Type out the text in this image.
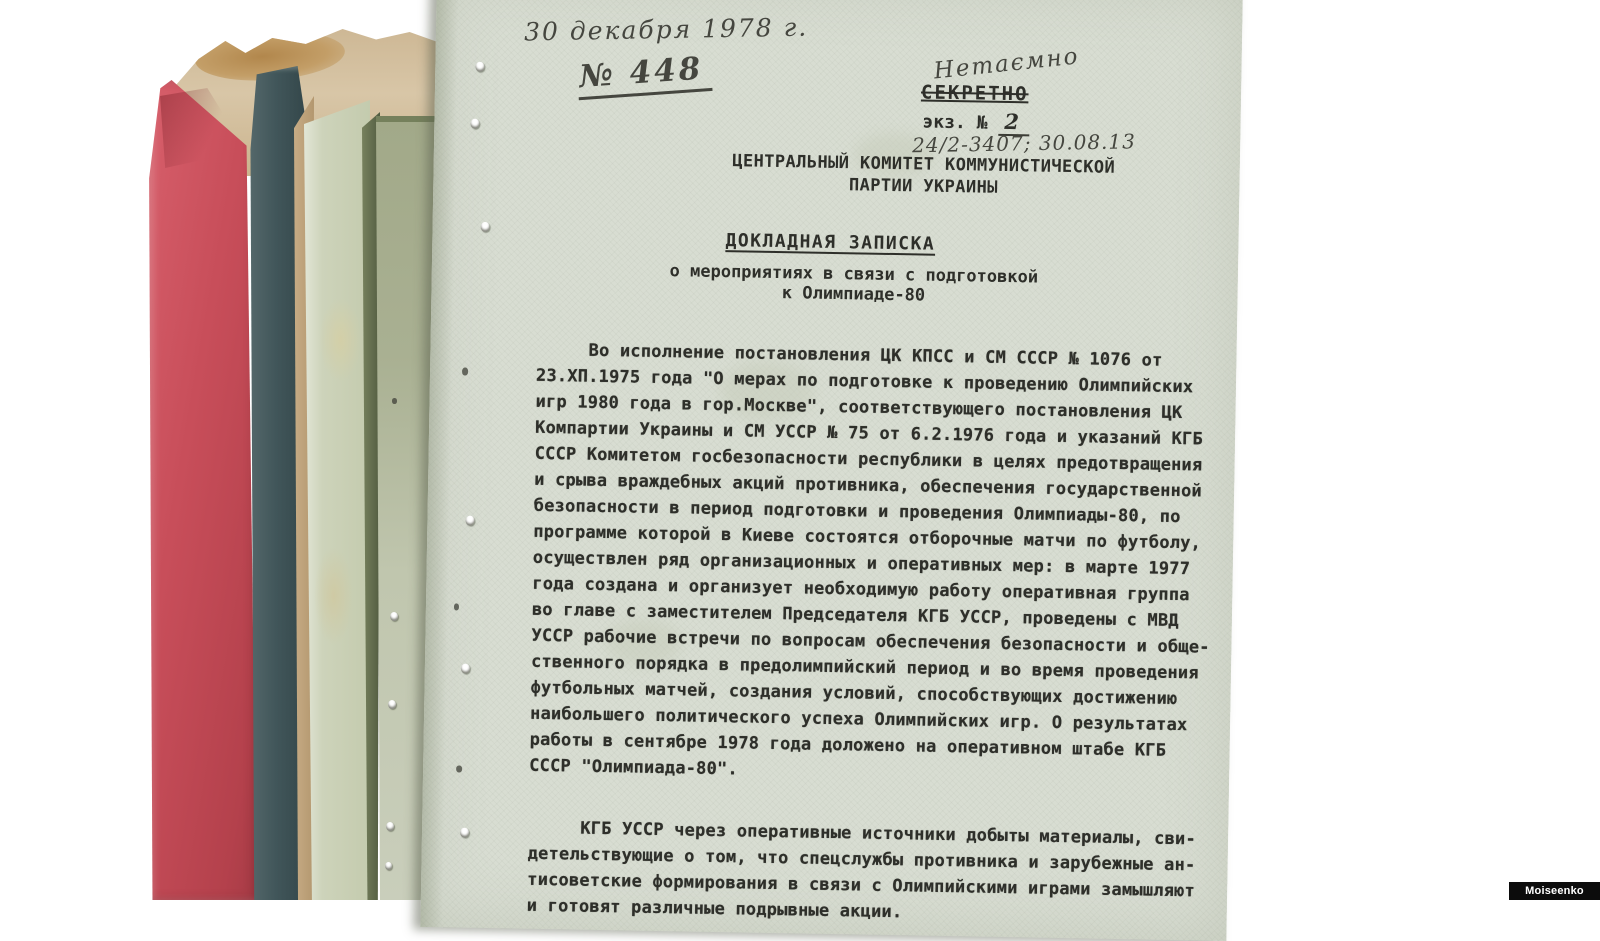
30 декабря 1978 г.
№ 448	Нетаємно
СЕКРЕТНО
экз. № 2
24/2-3407; 30.08.13
ЦЕНТРАЛЬНЫЙ КОМИТЕТ КОММУНИСТИЧЕСКОЙ
ПАРТИИ УКРАИНЫ
ДОКЛАДНАЯ ЗАПИСКА
о мероприятиях в связи с подготовкой
к Олимпиаде-80
Во исполнение постановления ЦК КПСС и СМ СССР № 1076 от
23.ХП.1975 года "О мерах по подготовке к проведению Олимпийских
игр 1980 года в гор.Москве", соответствующего постановления ЦК
Компартии Украины и СМ УССР № 75 от 6.2.1976 года и указаний КГБ
СССР Комитетом госбезопасности республики в целях предотвращения
и срыва враждебных акций противника, обеспечения государственной
безопасности в период подготовки и проведения Олимпиады-80, по
программе которой в Киеве состоятся отборочные матчи по футболу,
осуществлен ряд организационных и оперативных мер: в марте 1977
года создана и организует необходимую работу оперативная группа
во главе с заместителем Председателя КГБ УССР, проведены с МВД
УССР рабочие встречи по вопросам обеспечения безопасности и обще-
ственного порядка в предолимпийский период и во время проведения
футбольных матчей, создания условий, способствующих достижению
наибольшего политического успеха Олимпийских игр. О результатах
работы в сентябре 1978 года доложено на оперативном штабе КГБ
СССР "Олимпиада-80".
КГБ УССР через оперативные источники добыты материалы, сви-
детельствующие о том, что спецслужбы противника и зарубежные ан-
тисоветские формирования в связи с Олимпийскими играми замышляют
и готовят различные подрывные акции.
Moiseenko Liubov
